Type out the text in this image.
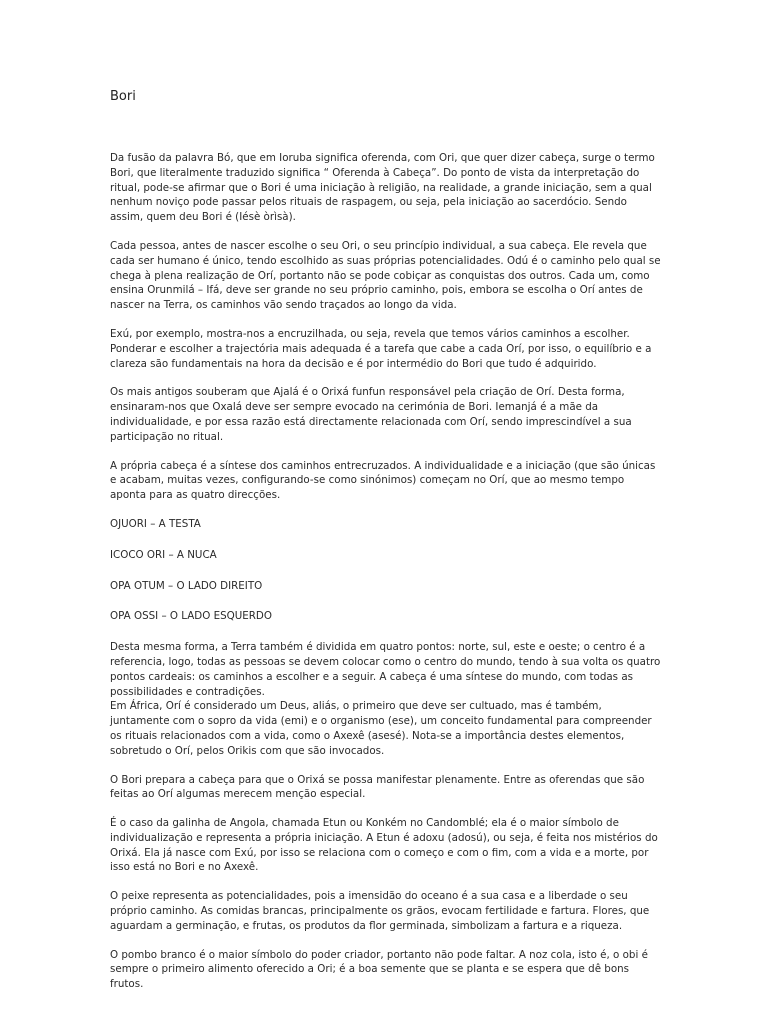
Bori

Da fusão da palavra Bó, que em Ioruba significa oferenda, com Ori, que quer dizer cabeça, surge o termo Bori, que literalmente traduzido significa “ Oferenda à Cabeça”. Do ponto de vista da interpretação do ritual, pode-se afirmar que o Bori é uma iniciação à religião, na realidade, a grande iniciação, sem a qual nenhum noviço pode passar pelos rituais de raspagem, ou seja, pela iniciação ao sacerdócio. Sendo assim, quem deu Bori é (Iésè òrìsà).

Cada pessoa, antes de nascer escolhe o seu Ori, o seu princípio individual, a sua cabeça. Ele revela que cada ser humano é único, tendo escolhido as suas próprias potencialidades. Odú é o caminho pelo qual se chega à plena realização de Orí, portanto não se pode cobiçar as conquistas dos outros. Cada um, como ensina Orunmilá – Ifá, deve ser grande no seu próprio caminho, pois, embora se escolha o Orí antes de nascer na Terra, os caminhos vão sendo traçados ao longo da vida.

Exú, por exemplo, mostra-nos a encruzilhada, ou seja, revela que temos vários caminhos a escolher. Ponderar e escolher a trajectória mais adequada é a tarefa que cabe a cada Orí, por isso, o equilíbrio e a clareza são fundamentais na hora da decisão e é por intermédio do Bori que tudo é adquirido.

Os mais antigos souberam que Ajalá é o Orixá funfun responsável pela criação de Orí. Desta forma, ensinaram-nos que Oxalá deve ser sempre evocado na cerimónia de Bori. Iemanjá é a mãe da individualidade, e por essa razão está directamente relacionada com Orí, sendo imprescindível a sua participação no ritual.

A própria cabeça é a síntese dos caminhos entrecruzados. A individualidade e a iniciação (que são únicas e acabam, muitas vezes, configurando-se como sinónimos) começam no Orí, que ao mesmo tempo aponta para as quatro direcções.

OJUORI – A TESTA

ICOCO ORI – A NUCA

OPA OTUM – O LADO DIREITO

OPA OSSI – O LADO ESQUERDO

Desta mesma forma, a Terra também é dividida em quatro pontos: norte, sul, este e oeste; o centro é a referencia, logo, todas as pessoas se devem colocar como o centro do mundo, tendo à sua volta os quatro pontos cardeais: os caminhos a escolher e a seguir. A cabeça é uma síntese do mundo, com todas as possibilidades e contradições.

Em África, Orí é considerado um Deus, aliás, o primeiro que deve ser cultuado, mas é também, juntamente com o sopro da vida (emi) e o organismo (ese), um conceito fundamental para compreender os rituais relacionados com a vida, como o Axexê (asesé). Nota-se a importância destes elementos, sobretudo o Orí, pelos Orikis com que são invocados.

O Bori prepara a cabeça para que o Orixá se possa manifestar plenamente. Entre as oferendas que são feitas ao Orí algumas merecem menção especial.

É o caso da galinha de Angola, chamada Etun ou Konkém no Candomblé; ela é o maior símbolo de individualização e representa a própria iniciação. A Etun é adoxu (adosú), ou seja, é feita nos mistérios do Orixá. Ela já nasce com Exú, por isso se relaciona com o começo e com o fim, com a vida e a morte, por isso está no Bori e no Axexê.

O peixe representa as potencialidades, pois a imensidão do oceano é a sua casa e a liberdade o seu próprio caminho. As comidas brancas, principalmente os grãos, evocam fertilidade e fartura. Flores, que aguardam a germinação, e frutas, os produtos da flor germinada, simbolizam a fartura e a riqueza.

O pombo branco é o maior símbolo do poder criador, portanto não pode faltar. A noz cola, isto é, o obi é sempre o primeiro alimento oferecido a Ori; é a boa semente que se planta e se espera que dê bons frutos.
